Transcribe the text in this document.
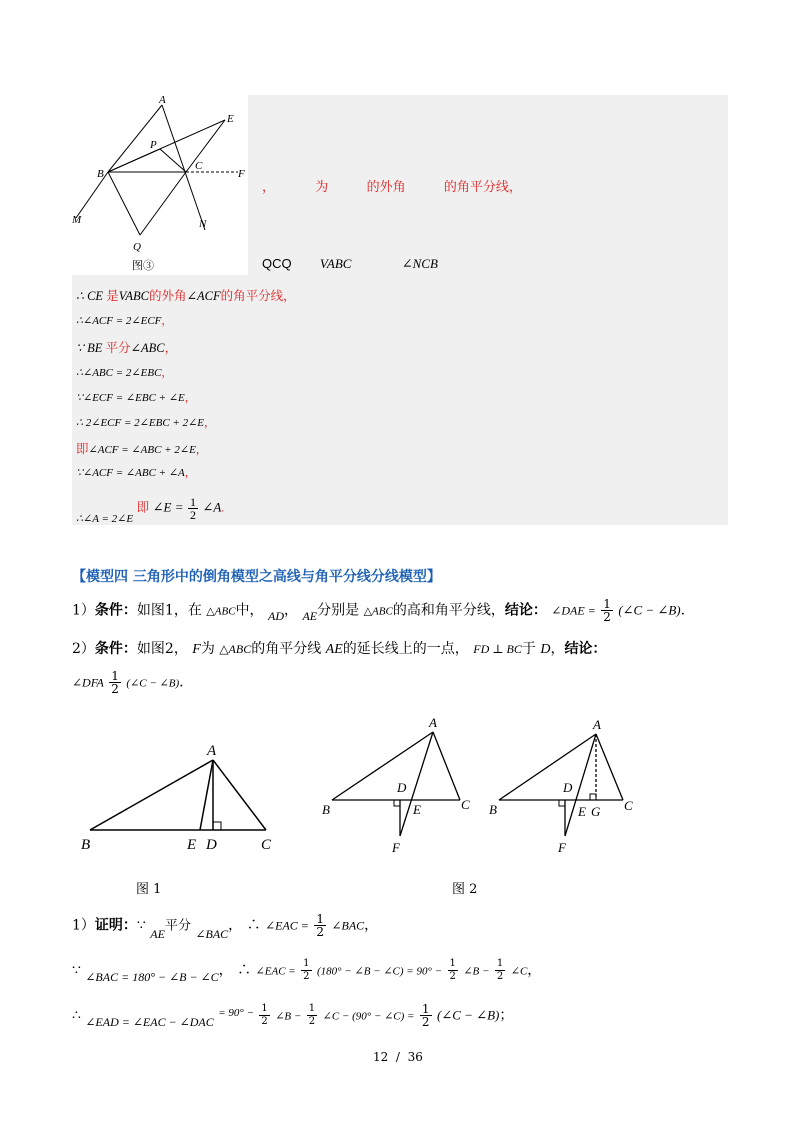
A
E
P
B
C
F
M	N
Q
图③
，	为	的外角	的角平分线，
QCQ VABC	∠NCB
∴ CE 是VABC的外角∠ACF的角平分线，
∴∠ACF = 2∠ECF，
∵ BE 平分∠ABC，
∴∠ABC = 2∠EBC，
∵∠ECF = ∠EBC + ∠E，
∴ 2∠ECF = 2∠EBC + 2∠E，
即∠ACF = ∠ABC + 2∠E，
∵∠ACF = ∠ABC + ∠A，
∴∠A = 2∠E 即 ∠E = $\frac{1}{2}$ ∠A.
【模型四 三角形中的倒角模型之高线与角平分线分线模型】
1）条件：如图1，在 △ABC中， AD， AE分别是 △ABC的高和角平分线，结论： ∠DAE = $\frac{1}{2}$ (∠C − ∠B).
2）条件：如图2， F为 △ABC的角平分线 AE的延长线上的一点， FD ⊥ BC于 D，结论：
∠DFA $\frac{1}{2}$ (∠C − ∠B).
A
B	E D	C
图 1
A
B
D
E	C
F
A
B
D
E G C
F
图 2
1）证明：∵ AE平分 ∠BAC， ∴ ∠EAC = $\frac{1}{2}$ ∠BAC，
∵ ∠BAC = 180° − ∠B − ∠C， ∴ ∠EAC = $\frac{1}{2} (180^\circ$ − ∠B − ∠C) = $90^\circ - \frac{1}{2}$ ∠B − $\frac{1}{2}$ ∠C，
∴ ∠EAD = ∠EAC − ∠DAC $^{= 90^\circ -} \frac{1}{2}$ ∠B − $\frac{1}{2}$ ∠C − (90° − ∠C) = $\frac{1}{2}$ (∠C − ∠B)；
12  /  36
